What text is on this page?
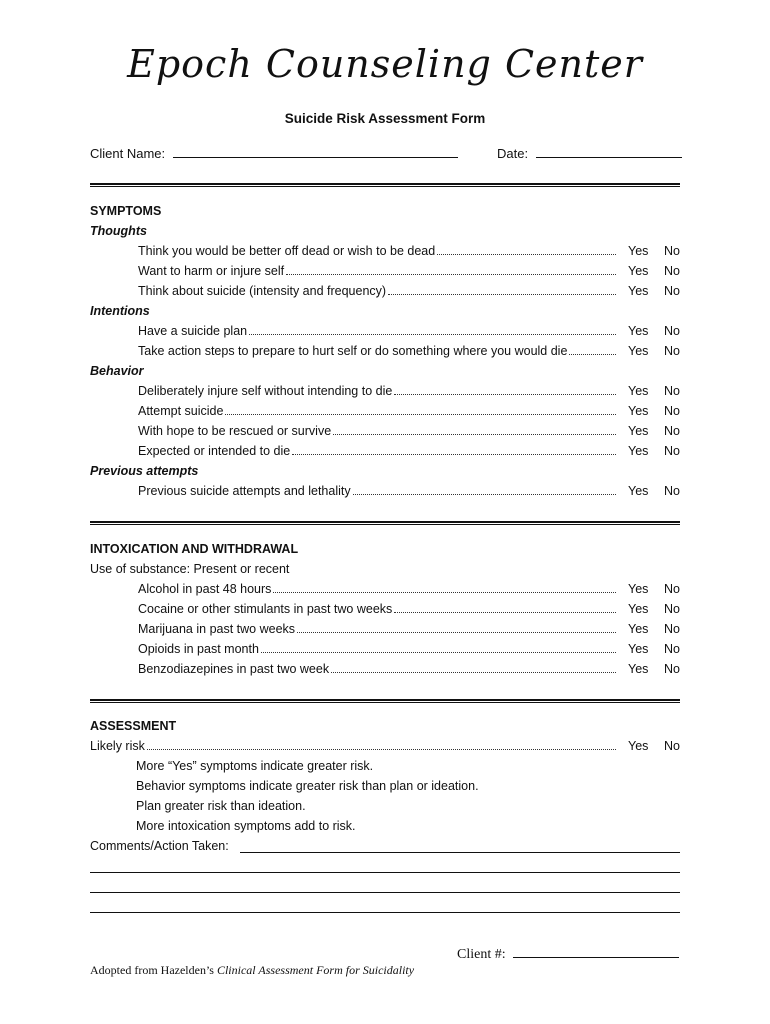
Epoch Counseling Center
Suicide Risk Assessment Form
Client Name:	Date:
SYMPTOMS
Thoughts
Think you would be better off dead or wish to be dead
Want to harm or injure self
Think about suicide (intensity and frequency)
Intentions
Have a suicide plan
Take action steps to prepare to hurt self or do something where you would die
Behavior
Deliberately injure self without intending to die
Attempt suicide
With hope to be rescued or survive
Expected or intended to die
Previous attempts
Previous suicide attempts and lethality
Yes No
Yes No
Yes No
Yes No
Yes No
Yes No
Yes No
Yes No
Yes No
Yes No
INTOXICATION AND WITHDRAWAL
Use of substance: Present or recent
Alcohol in past 48 hours
Cocaine or other stimulants in past two weeks
Marijuana in past two weeks
Opioids in past month
Benzodiazepines in past two week
Yes No
Yes No
Yes No
Yes No
Yes No
ASSESSMENT
Likely risk	Yes No
More “Yes” symptoms indicate greater risk.
Behavior symptoms indicate greater risk than plan or ideation.
Plan greater risk than ideation.
More intoxication symptoms add to risk.
Comments/Action Taken:
Client #:
Adopted from Hazelden’s Clinical Assessment Form for Suicidality
